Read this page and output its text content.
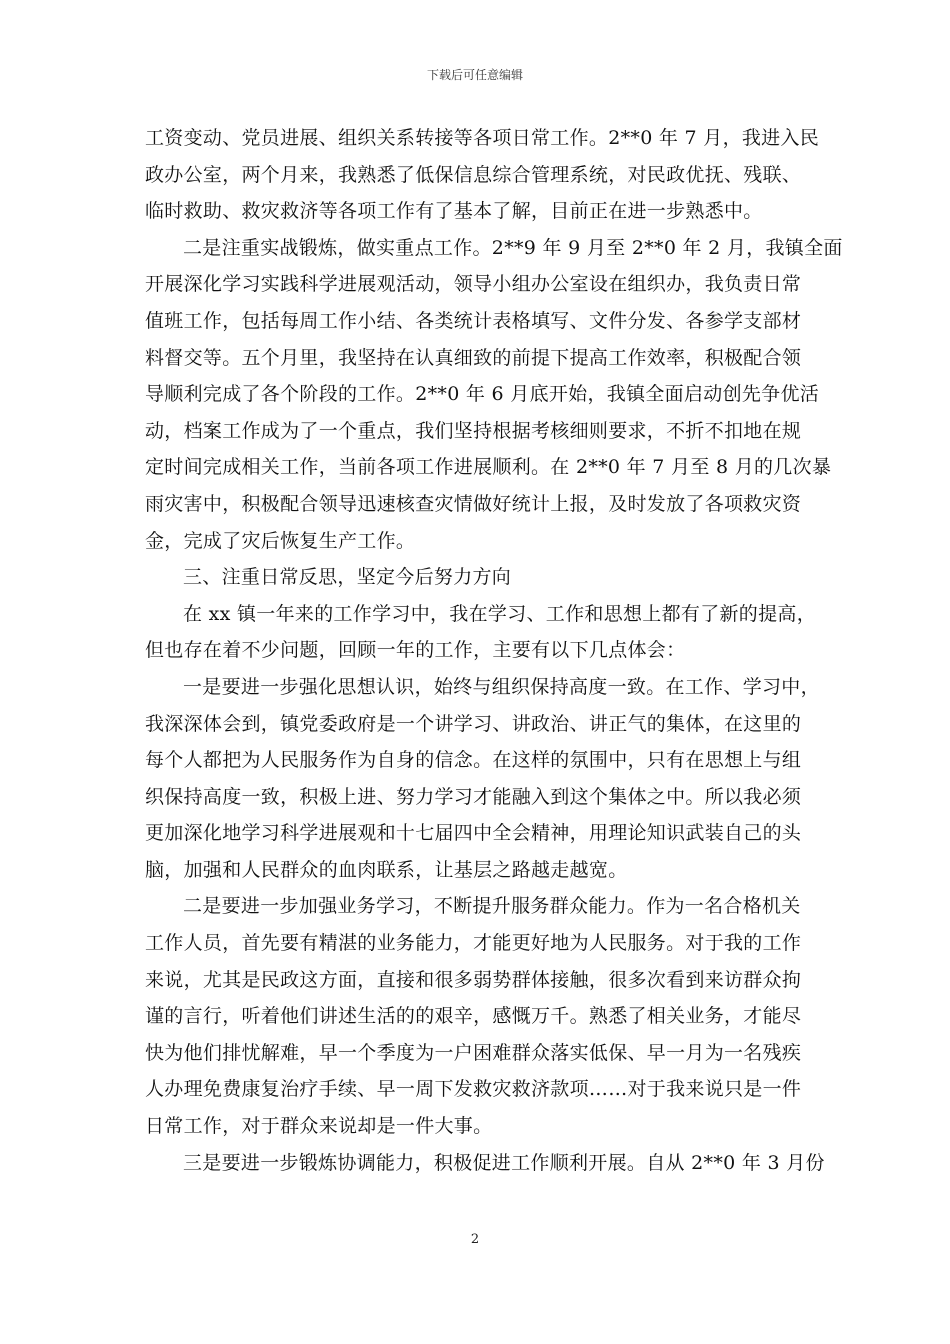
下载后可任意编辑
工资变动、党员进展、组织关系转接等各项日常工作。2**0 年 7 月，我进入民
政办公室，两个月来，我熟悉了低保信息综合管理系统，对民政优抚、残联、
临时救助、救灾救济等各项工作有了基本了解，目前正在进一步熟悉中。
二是注重实战锻炼，做实重点工作。2**9 年 9 月至 2**0 年 2 月，我镇全面
开展深化学习实践科学进展观活动，领导小组办公室设在组织办，我负责日常
值班工作，包括每周工作小结、各类统计表格填写、文件分发、各参学支部材
料督交等。五个月里，我坚持在认真细致的前提下提高工作效率，积极配合领
导顺利完成了各个阶段的工作。2**0 年 6 月底开始，我镇全面启动创先争优活
动，档案工作成为了一个重点，我们坚持根据考核细则要求，不折不扣地在规
定时间完成相关工作，当前各项工作进展顺利。在 2**0 年 7 月至 8 月的几次暴
雨灾害中，积极配合领导迅速核查灾情做好统计上报，及时发放了各项救灾资
金，完成了灾后恢复生产工作。
三、注重日常反思，坚定今后努力方向
在 xx 镇一年来的工作学习中，我在学习、工作和思想上都有了新的提高，
但也存在着不少问题，回顾一年的工作，主要有以下几点体会：
一是要进一步强化思想认识，始终与组织保持高度一致。在工作、学习中，
我深深体会到，镇党委政府是一个讲学习、讲政治、讲正气的集体，在这里的
每个人都把为人民服务作为自身的信念。在这样的氛围中，只有在思想上与组
织保持高度一致，积极上进、努力学习才能融入到这个集体之中。所以我必须
更加深化地学习科学进展观和十七届四中全会精神，用理论知识武装自己的头
脑，加强和人民群众的血肉联系，让基层之路越走越宽。
二是要进一步加强业务学习，不断提升服务群众能力。作为一名合格机关
工作人员，首先要有精湛的业务能力，才能更好地为人民服务。对于我的工作
来说，尤其是民政这方面，直接和很多弱势群体接触，很多次看到来访群众拘
谨的言行，听着他们讲述生活的的艰辛，感慨万千。熟悉了相关业务，才能尽
快为他们排忧解难，早一个季度为一户困难群众落实低保、早一月为一名残疾
人办理免费康复治疗手续、早一周下发救灾救济款项……对于我来说只是一件
日常工作，对于群众来说却是一件大事。
三是要进一步锻炼协调能力，积极促进工作顺利开展。自从 2**0 年 3 月份
2
